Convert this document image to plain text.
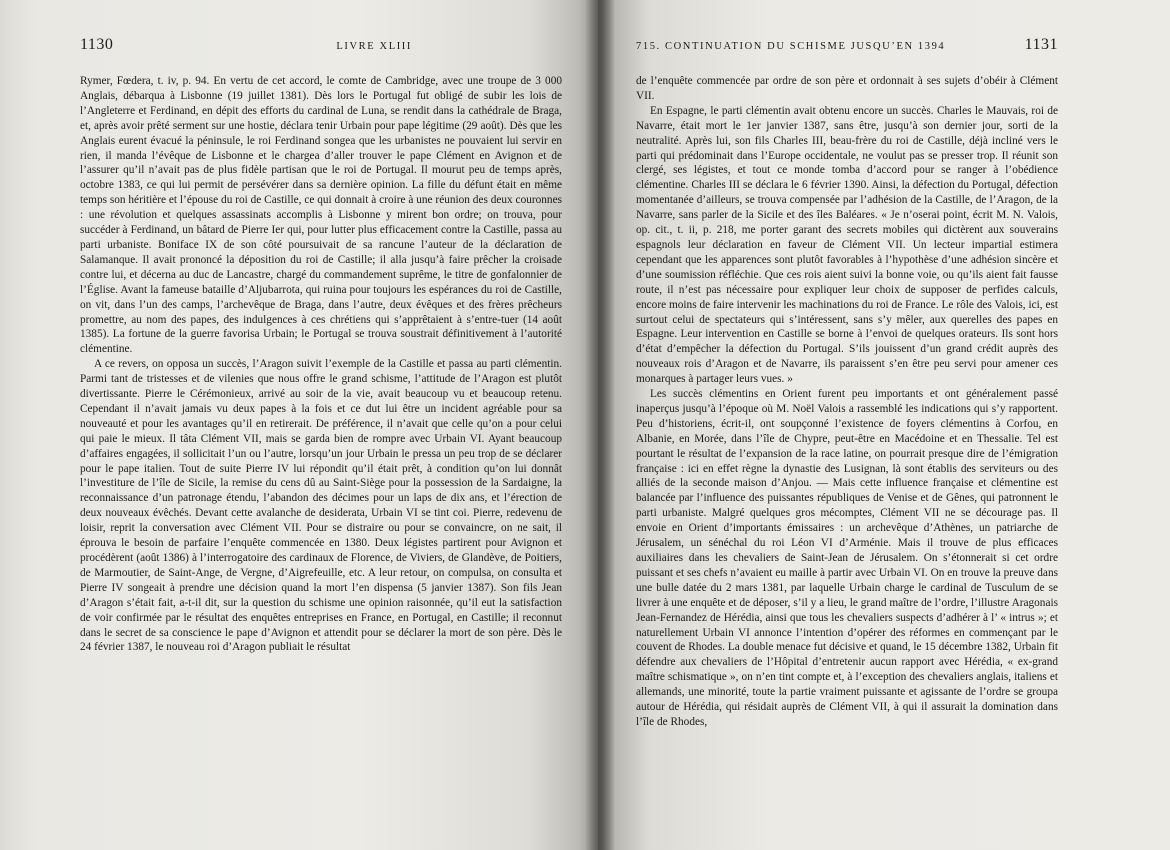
1130	LIVRE XLIII

Rymer, Fœdera, t. iv, p. 94. En vertu de cet accord, le comte de Cambridge, avec une troupe de 3 000 Anglais, débarqua à Lisbonne (19 juillet 1381). Dès lors le Portugal fut obligé de subir les lois de l’Angleterre et Ferdinand, en dépit des efforts du cardinal de Luna, se rendit dans la cathédrale de Braga, et, après avoir prêté serment sur une hostie, déclara tenir Urbain pour pape légitime (29 août). Dès que les Anglais eurent évacué la péninsule, le roi Ferdinand songea que les urbanistes ne pouvaient lui servir en rien, il manda l’évêque de Lisbonne et le chargea d’aller trouver le pape Clément en Avignon et de l’assurer qu’il n’avait pas de plus fidèle partisan que le roi de Portugal. Il mourut peu de temps après, octobre 1383, ce qui lui permit de persévérer dans sa dernière opinion. La fille du défunt était en même temps son héritière et l’épouse du roi de Castille, ce qui donnait à croire à une réunion des deux couronnes : une révolution et quelques assassinats accomplis à Lisbonne y mirent bon ordre; on trouva, pour succéder à Ferdinand, un bâtard de Pierre Ier qui, pour lutter plus efficacement contre la Castille, passa au parti urbaniste. Boniface IX de son côté poursuivait de sa rancune l’auteur de la déclaration de Salamanque. Il avait prononcé la déposition du roi de Castille; il alla jusqu’à faire prêcher la croisade contre lui, et décerna au duc de Lancastre, chargé du commandement suprême, le titre de gonfalonnier de l’Église. Avant la fameuse bataille d’Aljubarrota, qui ruina pour toujours les espérances du roi de Castille, on vit, dans l’un des camps, l’archevêque de Braga, dans l’autre, deux évêques et des frères prêcheurs promettre, au nom des papes, des indulgences à ces chrétiens qui s’apprêtaient à s’entre-tuer (14 août 1385). La fortune de la guerre favorisa Urbain; le Portugal se trouva soustrait définitivement à l’autorité clémentine.

A ce revers, on opposa un succès, l’Aragon suivit l’exemple de la Castille et passa au parti clémentin. Parmi tant de tristesses et de vilenies que nous offre le grand schisme, l’attitude de l’Aragon est plutôt divertissante. Pierre le Cérémonieux, arrivé au soir de la vie, avait beaucoup vu et beaucoup retenu. Cependant il n’avait jamais vu deux papes à la fois et ce dut lui être un incident agréable pour sa nouveauté et pour les avantages qu’il en retirerait. De préférence, il n’avait que celle qu’on a pour celui qui paie le mieux. Il tâta Clément VII, mais se garda bien de rompre avec Urbain VI. Ayant beaucoup d’affaires engagées, il sollicitait l’un ou l’autre, lorsqu’un jour Urbain le pressa un peu trop de se déclarer pour le pape italien. Tout de suite Pierre IV lui répondit qu’il était prêt, à condition qu’on lui donnât l’investiture de l’île de Sicile, la remise du cens dû au Saint-Siège pour la possession de la Sardaigne, la reconnaissance d’un patronage étendu, l’abandon des décimes pour un laps de dix ans, et l’érection de deux nouveaux évêchés. Devant cette avalanche de desiderata, Urbain VI se tint coi. Pierre, redevenu de loisir, reprit la conversation avec Clément VII. Pour se distraire ou pour se convaincre, on ne sait, il éprouva le besoin de parfaire l’enquête commencée en 1380. Deux légistes partirent pour Avignon et procédèrent (août 1386) à l’interrogatoire des cardinaux de Florence, de Viviers, de Glandève, de Poitiers, de Marmoutier, de Saint-Ange, de Vergne, d’Aigrefeuille, etc. A leur retour, on compulsa, on consulta et Pierre IV songeait à prendre une décision quand la mort l’en dispensa (5 janvier 1387). Son fils Jean d’Aragon s’était fait, a-t-il dit, sur la question du schisme une opinion raisonnée, qu’il eut la satisfaction de voir confirmée par le résultat des enquêtes entreprises en France, en Portugal, en Castille; il reconnut dans le secret de sa conscience le pape d’Avignon et attendit pour se déclarer la mort de son père. Dès le 24 février 1387, le nouveau roi d’Aragon publiait le résultat

715. CONTINUATION DU SCHISME JUSQU’EN 1394	1131

de l’enquête commencée par ordre de son père et ordonnait à ses sujets d’obéir à Clément VII.

En Espagne, le parti clémentin avait obtenu encore un succès. Charles le Mauvais, roi de Navarre, était mort le 1er janvier 1387, sans être, jusqu’à son dernier jour, sorti de la neutralité. Après lui, son fils Charles III, beau-frère du roi de Castille, déjà incliné vers le parti qui prédominait dans l’Europe occidentale, ne voulut pas se presser trop. Il réunit son clergé, ses légistes, et tout ce monde tomba d’accord pour se ranger à l’obédience clémentine. Charles III se déclara le 6 février 1390. Ainsi, la défection du Portugal, défection momentanée d’ailleurs, se trouva compensée par l’adhésion de la Castille, de l’Aragon, de la Navarre, sans parler de la Sicile et des îles Baléares. « Je n’oserai point, écrit M. N. Valois, op. cit., t. ii, p. 218, me porter garant des secrets mobiles qui dictèrent aux souverains espagnols leur déclaration en faveur de Clément VII. Un lecteur impartial estimera cependant que les apparences sont plutôt favorables à l’hypothèse d’une adhésion sincère et d’une soumission réfléchie. Que ces rois aient suivi la bonne voie, ou qu’ils aient fait fausse route, il n’est pas nécessaire pour expliquer leur choix de supposer de perfides calculs, encore moins de faire intervenir les machinations du roi de France. Le rôle des Valois, ici, est surtout celui de spectateurs qui s’intéressent, sans s’y mêler, aux querelles des papes en Espagne. Leur intervention en Castille se borne à l’envoi de quelques orateurs. Ils sont hors d’état d’empêcher la défection du Portugal. S’ils jouissent d’un grand crédit auprès des nouveaux rois d’Aragon et de Navarre, ils paraissent s’en être peu servi pour amener ces monarques à partager leurs vues. »

Les succès clémentins en Orient furent peu importants et ont généralement passé inaperçus jusqu’à l’époque où M. Noël Valois a rassemblé les indications qui s’y rapportent. Peu d’historiens, écrit-il, ont soupçonné l’existence de foyers clémentins à Corfou, en Albanie, en Morée, dans l’île de Chypre, peut-être en Macédoine et en Thessalie. Tel est pourtant le résultat de l’expansion de la race latine, on pourrait presque dire de l’émigration française : ici en effet règne la dynastie des Lusignan, là sont établis des serviteurs ou des alliés de la seconde maison d’Anjou. — Mais cette influence française et clémentine est balancée par l’influence des puissantes républiques de Venise et de Gênes, qui patronnent le parti urbaniste. Malgré quelques gros mécomptes, Clément VII ne se décourage pas. Il envoie en Orient d’importants émissaires : un archevêque d’Athènes, un patriarche de Jérusalem, un sénéchal du roi Léon VI d’Arménie. Mais il trouve de plus efficaces auxiliaires dans les chevaliers de Saint-Jean de Jérusalem. On s’étonnerait si cet ordre puissant et ses chefs n’avaient eu maille à partir avec Urbain VI. On en trouve la preuve dans une bulle datée du 2 mars 1381, par laquelle Urbain charge le cardinal de Tusculum de se livrer à une enquête et de déposer, s’il y a lieu, le grand maître de l’ordre, l’illustre Aragonais Jean-Fernandez de Hérédia, ainsi que tous les chevaliers suspects d’adhérer à l’ « intrus »; et naturellement Urbain VI annonce l’intention d’opérer des réformes en commençant par le couvent de Rhodes. La double menace fut décisive et quand, le 15 décembre 1382, Urbain fit défendre aux chevaliers de l’Hôpital d’entretenir aucun rapport avec Hérédia, « ex-grand maître schismatique », on n’en tint compte et, à l’exception des chevaliers anglais, italiens et allemands, une minorité, toute la partie vraiment puissante et agissante de l’ordre se groupa autour de Hérédia, qui résidait auprès de Clément VII, à qui il assurait la domination dans l’île de Rhodes,
